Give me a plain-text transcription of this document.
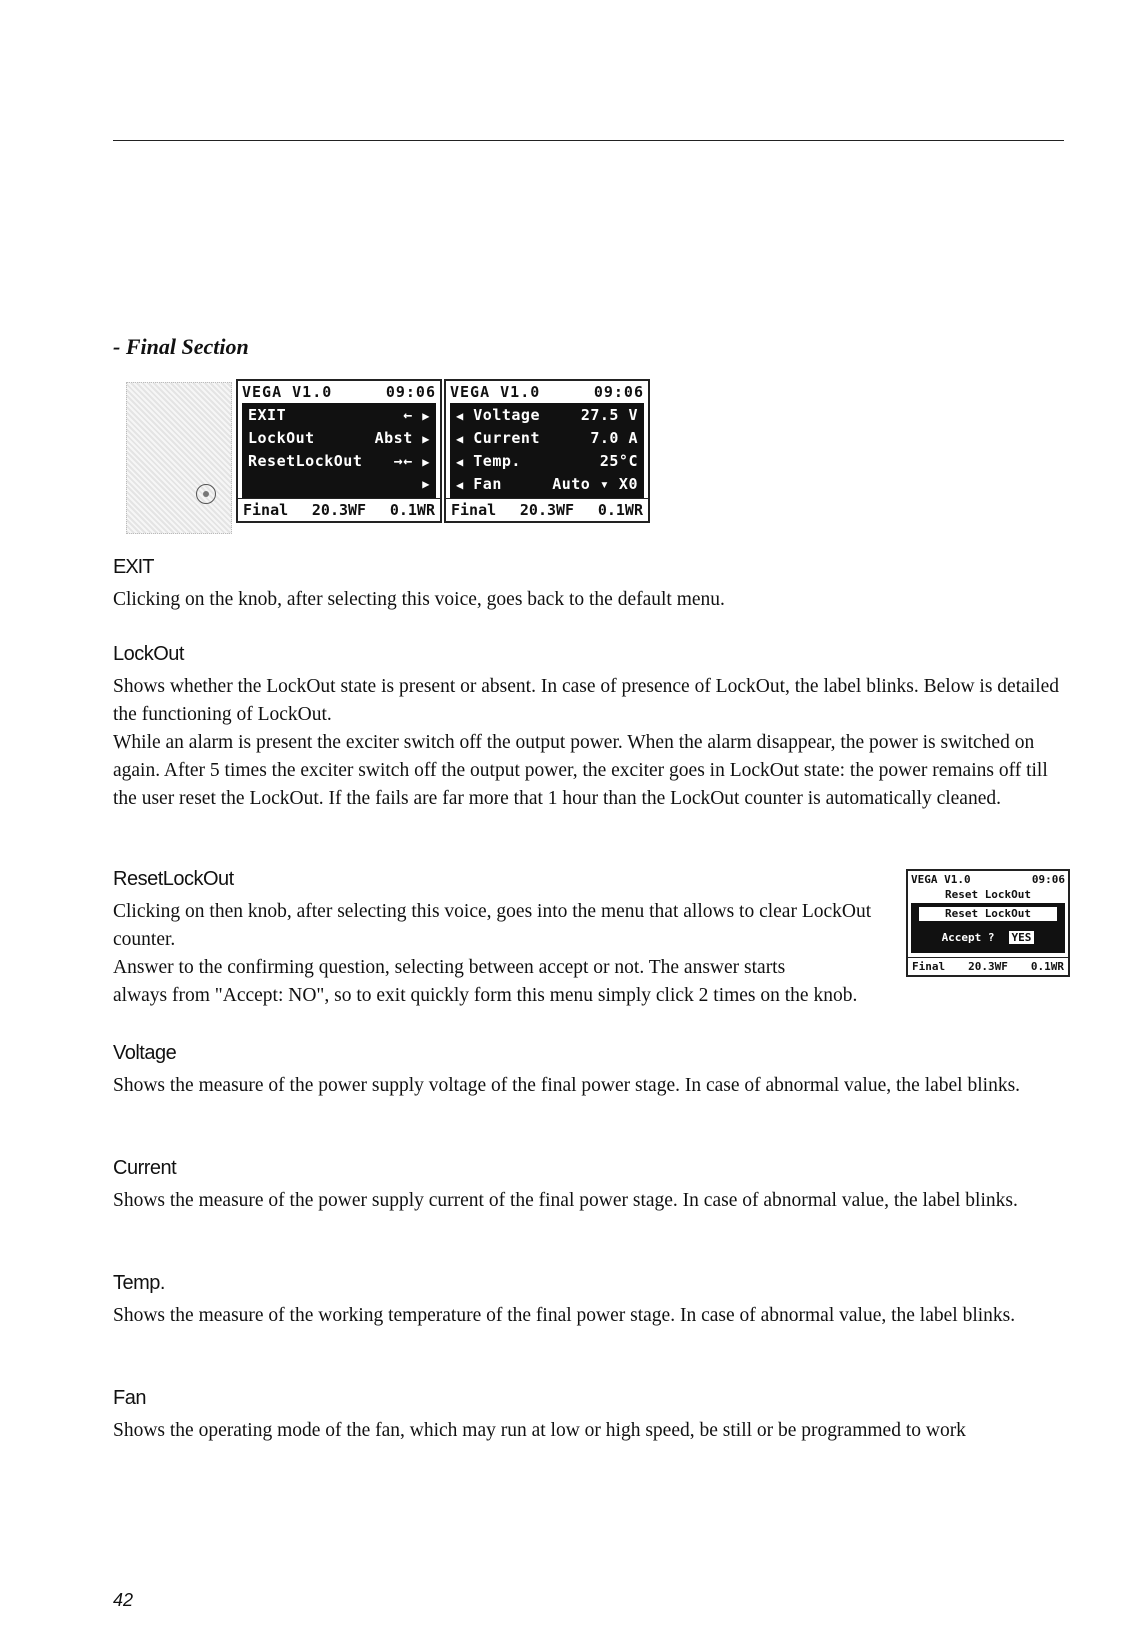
- Final Section
VEGA V1.0	09:06
EXIT	← ▶
LockOut	Abst ▶
ResetLockOut →← ▶
▶
Final 20.3WF 0.1WR
VEGA V1.0	09:06
◀ Voltage	27.5 V
◀ Current	7.0 A
◀ Temp.	25°C
◀ Fan	Auto ▾ X0
Final 20.3WF 0.1WR
EXIT

Clicking on the knob, after selecting this voice, goes back to the default menu.

LockOut

Shows whether the LockOut state is present or absent. In case of presence of LockOut, the label blinks. Below is detailed the functioning of LockOut.

While an alarm is present the exciter switch off the output power. When the alarm disappear, the power is switched on again. After 5 times the exciter switch off the output power, the exciter goes in LockOut state: the power remains off till the user reset the LockOut. If the fails are far more that 1 hour than the LockOut counter is automatically cleaned.

ResetLockOut

Clicking on then knob, after selecting this voice, goes into the menu that allows to clear LockOut counter.

Answer to the confirming question, selecting between accept or not. The answer starts

always from "Accept: NO", so to exit quickly form this menu simply click 2 times on the knob.

VEGA V1.0	09:06
Reset LockOut
Reset LockOut
Accept ? YES
Final 20.3WF 0.1WR
Voltage

Shows the measure of the power supply voltage of the final power stage. In case of abnormal value, the label blinks.

Current

Shows the measure of the power supply current of the final power stage. In case of abnormal value, the label blinks.

Temp.

Shows the measure of the working temperature of the final power stage. In case of abnormal value, the label blinks.

Fan

Shows the operating mode of the fan, which may run at low or high speed, be still or be programmed to work

42
